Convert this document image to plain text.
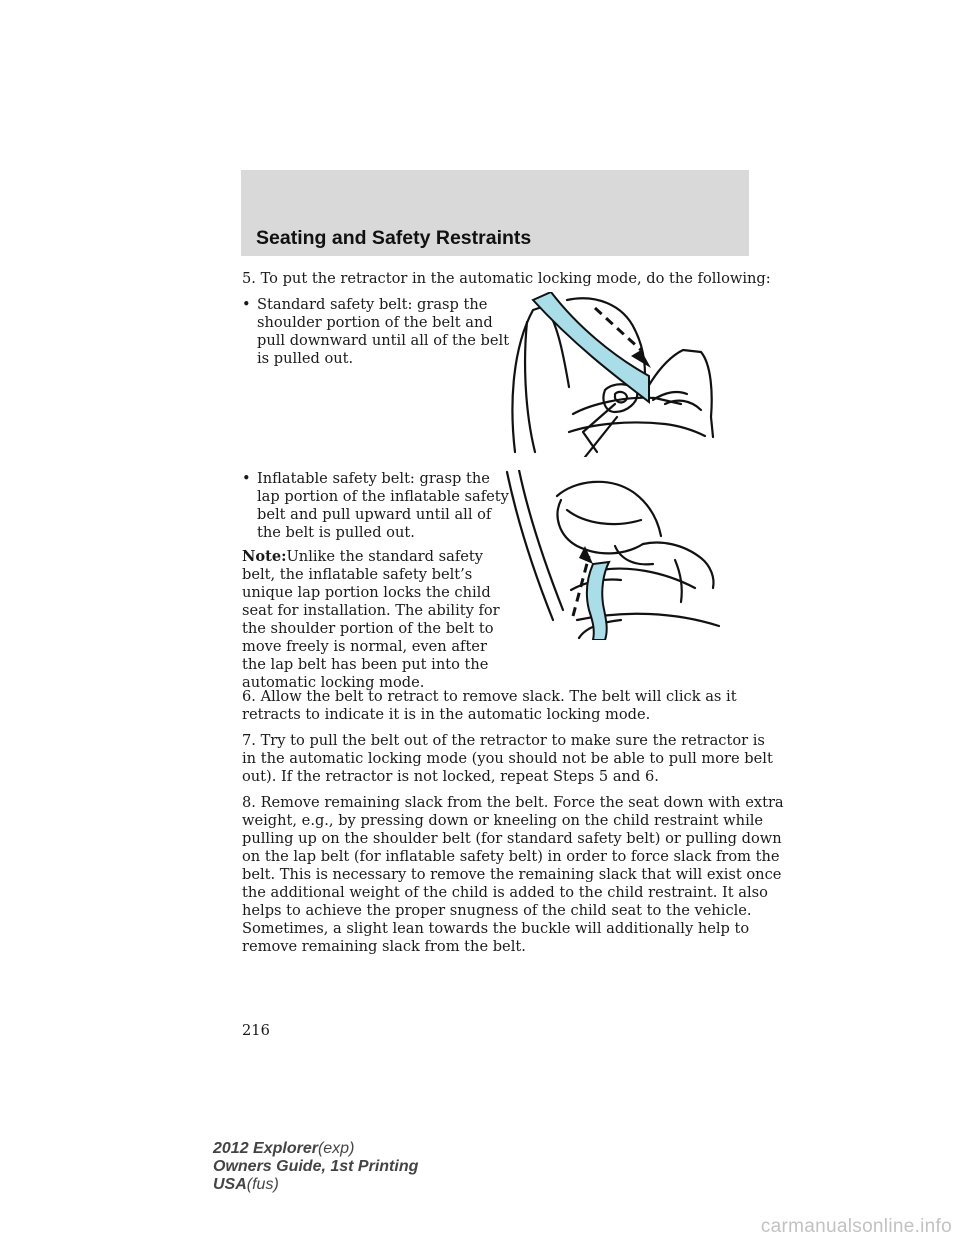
Seating and Safety Restraints

5. To put the retractor in the automatic locking mode, do the following:

• Standard safety belt: grasp the

shoulder portion of the belt and

pull downward until all of the belt

is pulled out.

• Inflatable safety belt: grasp the

lap portion of the inflatable safety

belt and pull upward until all of

the belt is pulled out.

Note:Unlike the standard safety

belt, the inflatable safety belt’s

unique lap portion locks the child

seat for installation. The ability for

the shoulder portion of the belt to

move freely is normal, even after

the lap belt has been put into the

automatic locking mode.

6. Allow the belt to retract to remove slack. The belt will click as it

retracts to indicate it is in the automatic locking mode.

7. Try to pull the belt out of the retractor to make sure the retractor is

in the automatic locking mode (you should not be able to pull more belt

out). If the retractor is not locked, repeat Steps 5 and 6.

8. Remove remaining slack from the belt. Force the seat down with extra

weight, e.g., by pressing down or kneeling on the child restraint while

pulling up on the shoulder belt (for standard safety belt) or pulling down

on the lap belt (for inflatable safety belt) in order to force slack from the

belt. This is necessary to remove the remaining slack that will exist once

the additional weight of the child is added to the child restraint. It also

helps to achieve the proper snugness of the child seat to the vehicle.

Sometimes, a slight lean towards the buckle will additionally help to

remove remaining slack from the belt.

216
2012 Explorer(exp)
Owners Guide, 1st Printing
USA(fus)
carmanualsonline.info
